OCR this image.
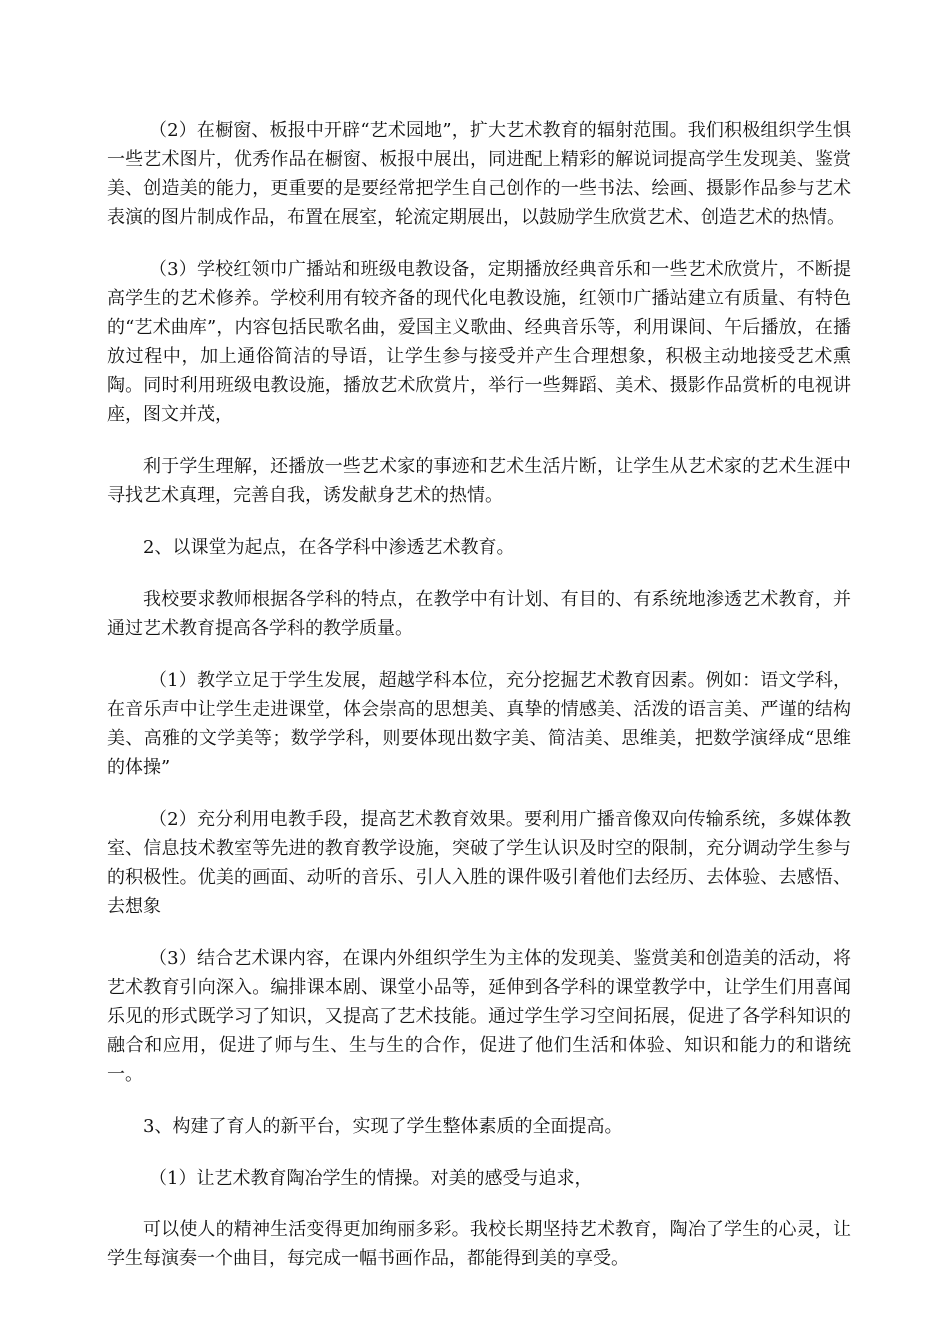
（2）在橱窗、板报中开辟“艺术园地”，扩大艺术教育的辐射范围。我们积极组织学生惧一些艺术图片，优秀作品在橱窗、板报中展出，同进配上精彩的解说词提高学生发现美、鉴赏美、创造美的能力，更重要的是要经常把学生自己创作的一些书法、绘画、摄影作品参与艺术表演的图片制成作品，布置在展室，轮流定期展出，以鼓励学生欣赏艺术、创造艺术的热情。

（3）学校红领巾广播站和班级电教设备，定期播放经典音乐和一些艺术欣赏片，不断提高学生的艺术修养。学校利用有较齐备的现代化电教设施，红领巾广播站建立有质量、有特色的“艺术曲库”，内容包括民歌名曲，爱国主义歌曲、经典音乐等，利用课间、午后播放，在播放过程中，加上通俗简洁的导语，让学生参与接受并产生合理想象，积极主动地接受艺术熏陶。同时利用班级电教设施，播放艺术欣赏片，举行一些舞蹈、美术、摄影作品赏析的电视讲座，图文并茂，

利于学生理解，还播放一些艺术家的事迹和艺术生活片断，让学生从艺术家的艺术生涯中寻找艺术真理，完善自我，诱发献身艺术的热情。

2、以课堂为起点，在各学科中渗透艺术教育。

我校要求教师根据各学科的特点，在教学中有计划、有目的、有系统地渗透艺术教育，并通过艺术教育提高各学科的教学质量。

（1）教学立足于学生发展，超越学科本位，充分挖掘艺术教育因素。例如：语文学科，在音乐声中让学生走进课堂，体会崇高的思想美、真挚的情感美、活泼的语言美、严谨的结构美、高雅的文学美等；数学学科，则要体现出数字美、简洁美、思维美，把数学演绎成“思维的体操”

（2）充分利用电教手段，提高艺术教育效果。要利用广播音像双向传输系统，多媒体教室、信息技术教室等先进的教育教学设施，突破了学生认识及时空的限制，充分调动学生参与的积极性。优美的画面、动听的音乐、引人入胜的课件吸引着他们去经历、去体验、去感悟、去想象

（3）结合艺术课内容，在课内外组织学生为主体的发现美、鉴赏美和创造美的活动，将艺术教育引向深入。编排课本剧、课堂小品等，延伸到各学科的课堂教学中，让学生们用喜闻乐见的形式既学习了知识，又提高了艺术技能。通过学生学习空间拓展，促进了各学科知识的融合和应用，促进了师与生、生与生的合作，促进了他们生活和体验、知识和能力的和谐统一。

3、构建了育人的新平台，实现了学生整体素质的全面提高。

（1）让艺术教育陶冶学生的情操。对美的感受与追求，

可以使人的精神生活变得更加绚丽多彩。我校长期坚持艺术教育，陶冶了学生的心灵，让学生每演奏一个曲目，每完成一幅书画作品，都能得到美的享受。
